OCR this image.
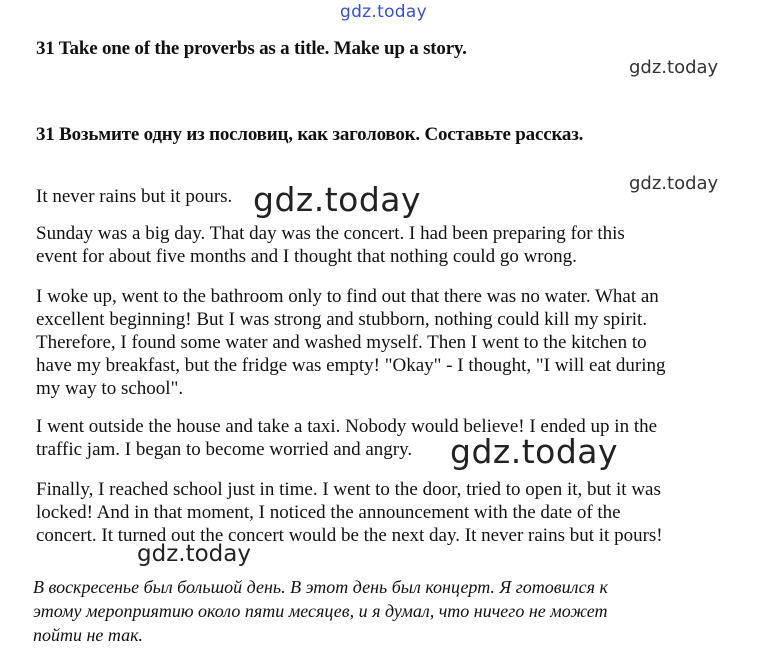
gdz.today
gdz.today
gdz.today
31 Take one of the proverbs as a title. Make up a story.
31 Возьмите одну из пословиц, как заголовок. Составьте рассказ.
It never rains but it pours. gdz.today
Sunday was a big day. That day was the concert. I had been preparing for this
event for about five months and I thought that nothing could go wrong.
I woke up, went to the bathroom only to find out that there was no water. What an
excellent beginning! But I was strong and stubborn, nothing could kill my spirit.
Therefore, I found some water and washed myself. Then I went to the kitchen to
have my breakfast, but the fridge was empty! "Okay" - I thought, "I will eat during
my way to school".
I went outside the house and take a taxi. Nobody would believe! I ended up in the
traffic jam. I began to become worried and angry.	gdz.today
Finally, I reached school just in time. I went to the door, tried to open it, but it was
locked! And in that moment, I noticed the announcement with the date of the
concert. It turned out the concert would be the next day. It never rains but it pours!
gdz.today
В воскресенье был большой день. В этот день был концерт. Я готовился к
этому мероприятию около пяти месяцев, и я думал, что ничего не может
пойти не так.
